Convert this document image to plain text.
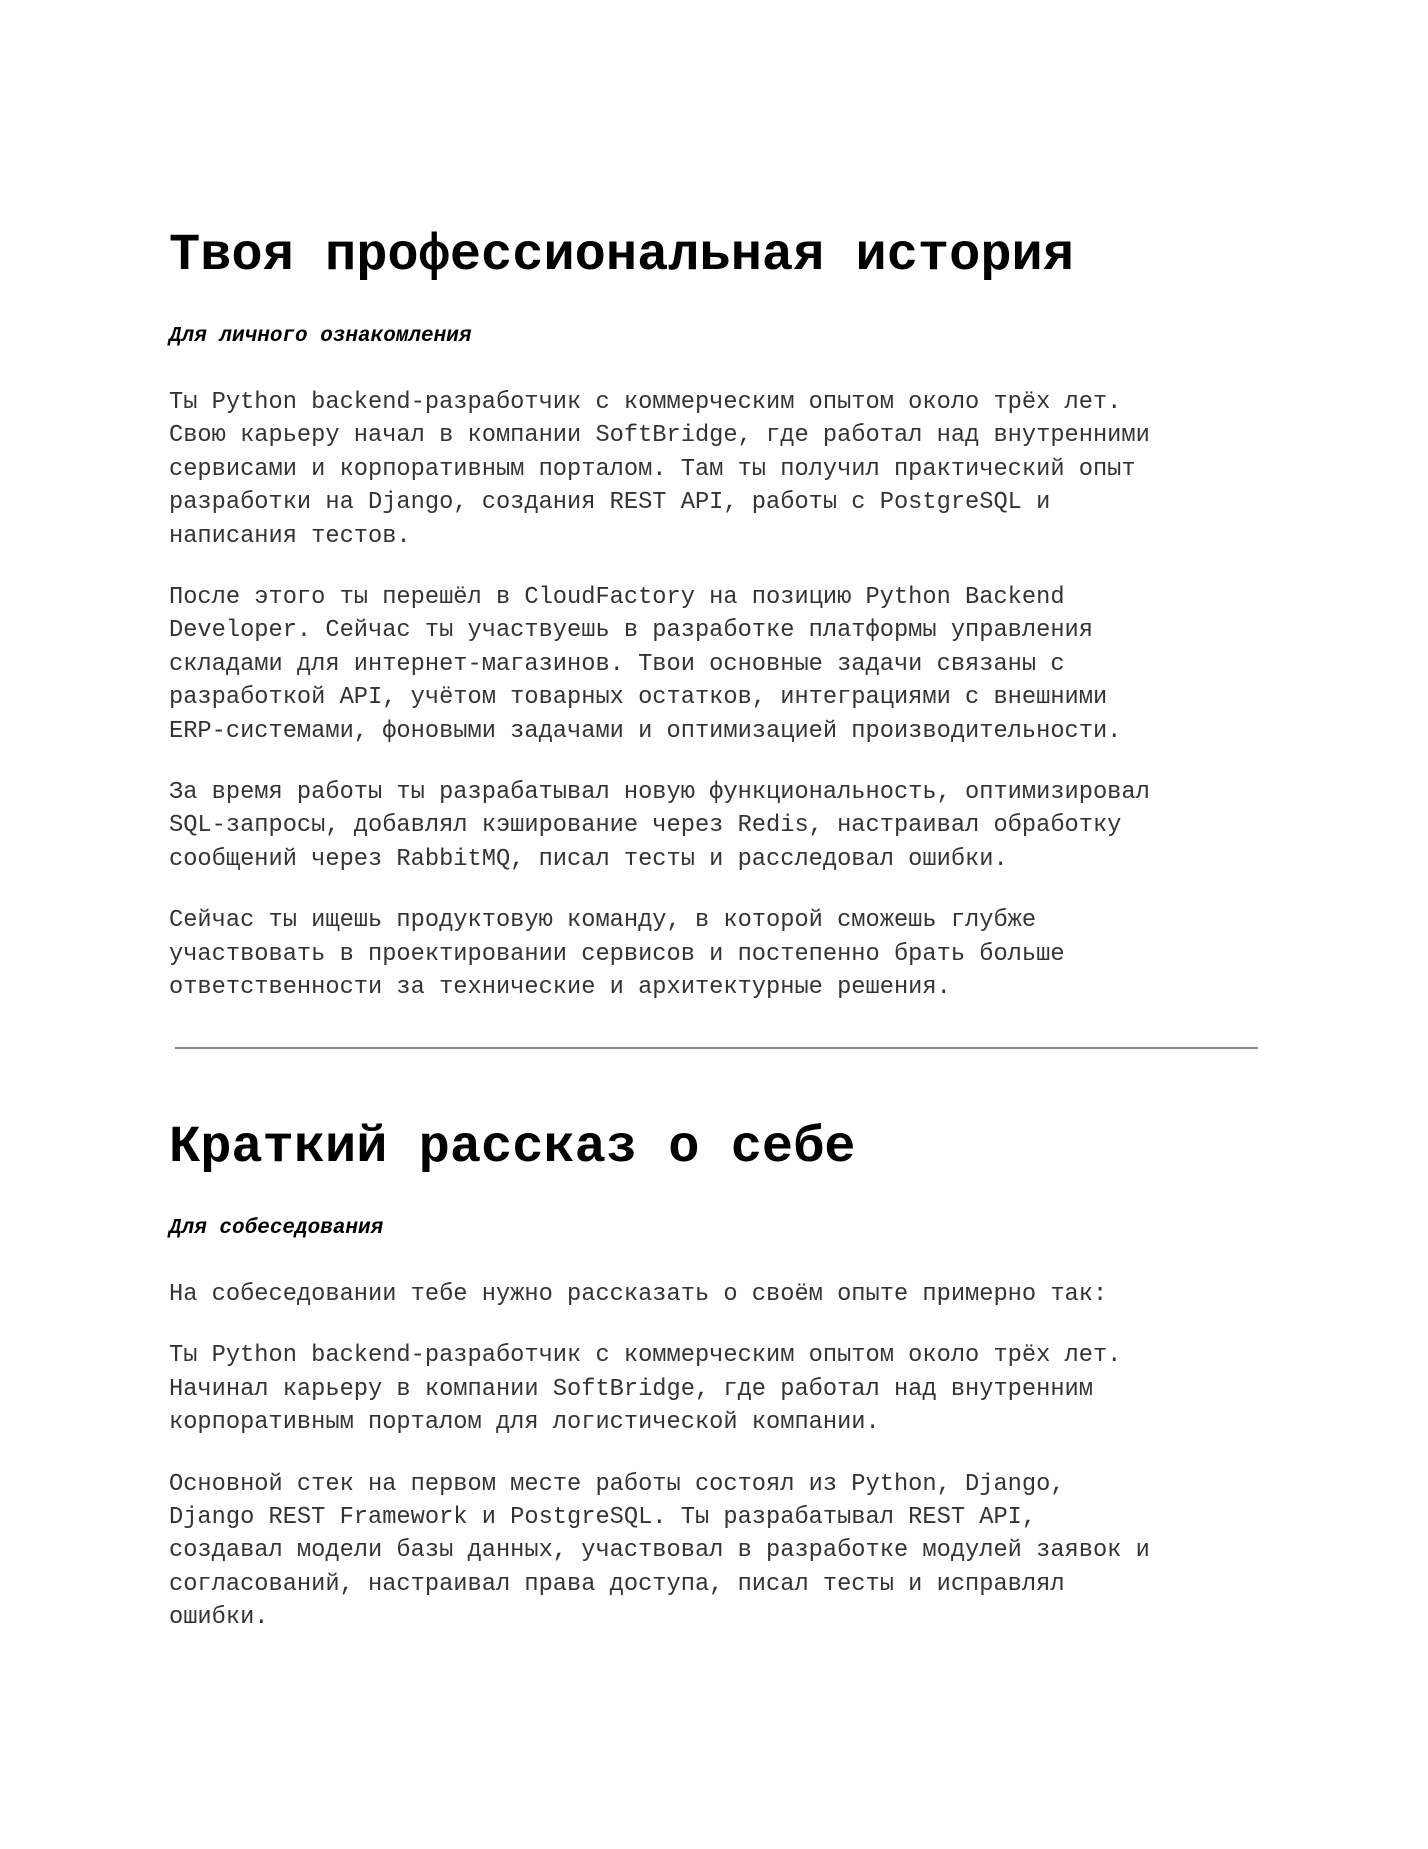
Твоя профессиональная история

Для личного ознакомления

Ты Python backend-разработчик с коммерческим опытом около трёх лет.
Свою карьеру начал в компании SoftBridge, где работал над внутренними
сервисами и корпоративным порталом. Там ты получил практический опыт
разработки на Django, создания REST API, работы с PostgreSQL и
написания тестов.

После этого ты перешёл в CloudFactory на позицию Python Backend
Developer. Сейчас ты участвуешь в разработке платформы управления
складами для интернет-магазинов. Твои основные задачи связаны с
разработкой API, учётом товарных остатков, интеграциями с внешними
ERP-системами, фоновыми задачами и оптимизацией производительности.

За время работы ты разрабатывал новую функциональность, оптимизировал
SQL-запросы, добавлял кэширование через Redis, настраивал обработку
сообщений через RabbitMQ, писал тесты и расследовал ошибки.

Сейчас ты ищешь продуктовую команду, в которой сможешь глубже
участвовать в проектировании сервисов и постепенно брать больше
ответственности за технические и архитектурные решения.

Краткий рассказ о себе

Для собеседования

На собеседовании тебе нужно рассказать о своём опыте примерно так:

Ты Python backend-разработчик с коммерческим опытом около трёх лет.
Начинал карьеру в компании SoftBridge, где работал над внутренним
корпоративным порталом для логистической компании.

Основной стек на первом месте работы состоял из Python, Django,
Django REST Framework и PostgreSQL. Ты разрабатывал REST API,
создавал модели базы данных, участвовал в разработке модулей заявок и
согласований, настраивал права доступа, писал тесты и исправлял
ошибки.
